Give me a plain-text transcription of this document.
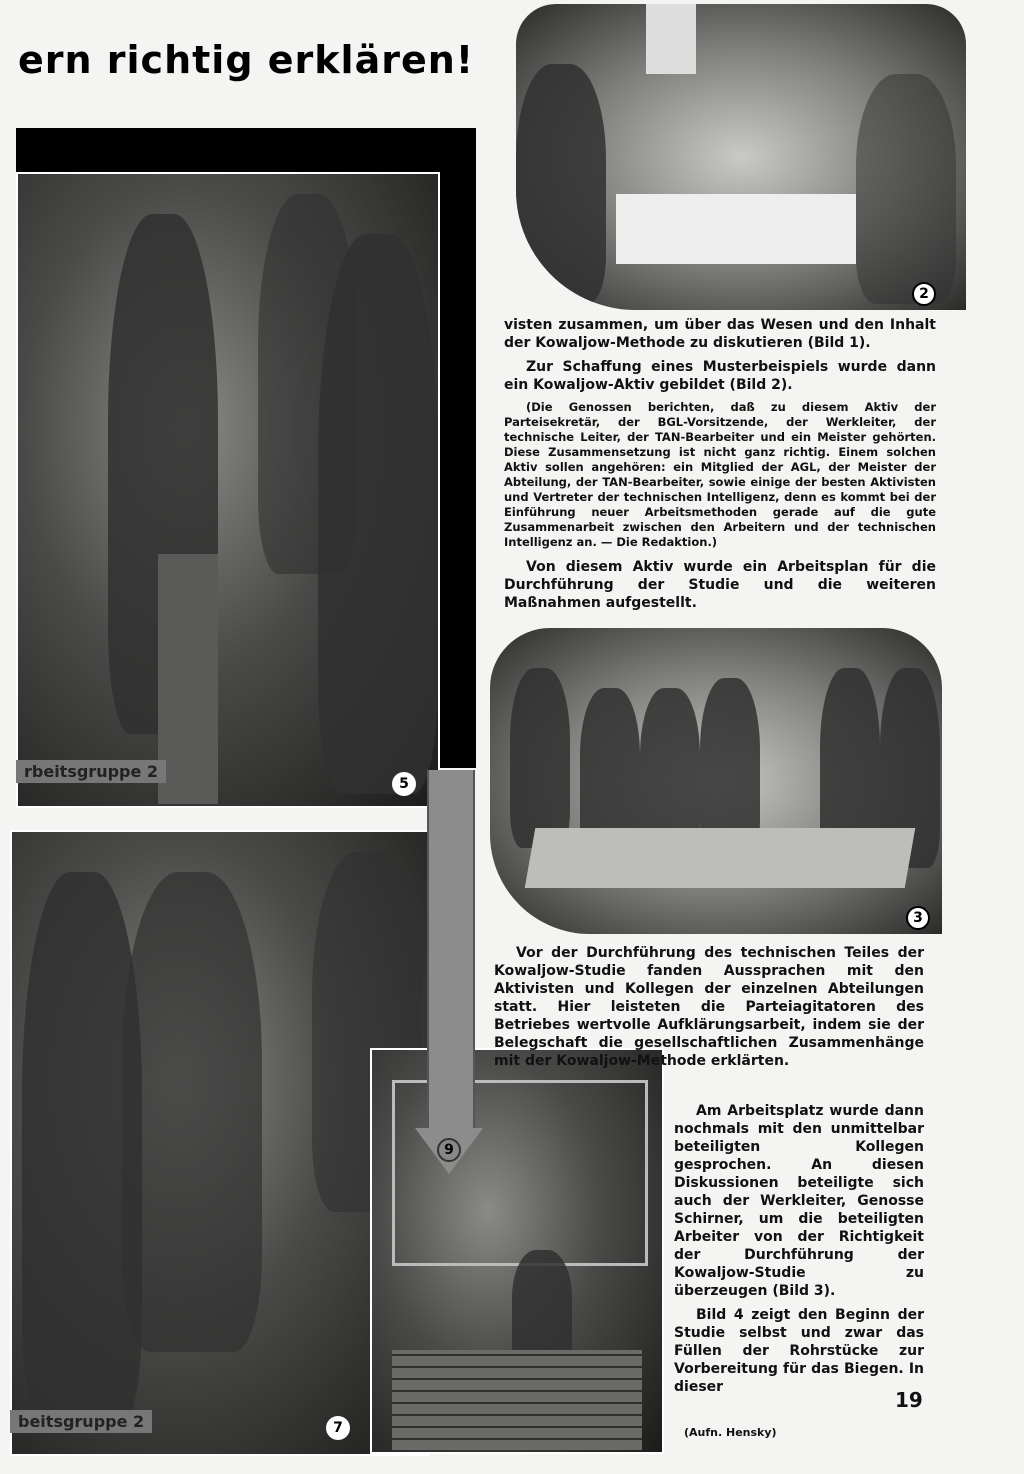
ern richtig erklären!
rbeitsgruppe 2
5
beitsgruppe 2	7
9
2

visten zusammen, um über das Wesen und den Inhalt der Kowaljow-Methode zu diskutieren (Bild 1).

Zur Schaffung eines Musterbeispiels wurde dann ein Kowaljow-Aktiv gebildet (Bild 2).

(Die Genossen berichten, daß zu diesem Aktiv der Parteisekretär, der BGL-Vorsitzende, der Werkleiter, der technische Leiter, der TAN-Bearbeiter und ein Meister gehörten. Diese Zusammensetzung ist nicht ganz richtig. Einem solchen Aktiv sollen angehören: ein Mitglied der AGL, der Meister der Abteilung, der TAN-Bearbeiter, sowie einige der besten Aktivisten und Vertreter der technischen Intelligenz, denn es kommt bei der Einführung neuer Arbeitsmethoden gerade auf die gute Zusammenarbeit zwischen den Arbeitern und der technischen Intelligenz an. — Die Redaktion.)

Von diesem Aktiv wurde ein Arbeitsplan für die Durchführung der Studie und die weiteren Maßnahmen aufgestellt.

3

Vor der Durchführung des technischen Teiles der Kowaljow-Studie fanden Aussprachen mit den Aktivisten und Kollegen der einzelnen Abteilungen statt. Hier leisteten die Parteiagitatoren des Betriebes wertvolle Aufklärungsarbeit, indem sie der Belegschaft die gesellschaftlichen Zusammenhänge mit der Kowaljow-Methode erklärten.

Am Arbeitsplatz wurde dann nochmals mit den unmittelbar beteiligten Kollegen gesprochen. An diesen Diskussionen beteiligte sich auch der Werkleiter, Genosse Schirner, um die beteiligten Arbeiter von der Richtigkeit der Durchführung der Kowaljow-Studie zu überzeugen (Bild 3).

Bild 4 zeigt den Beginn der Studie selbst und zwar das Füllen der Rohrstücke zur Vorbereitung für das Biegen. In dieser

19
(Aufn. Hensky)
